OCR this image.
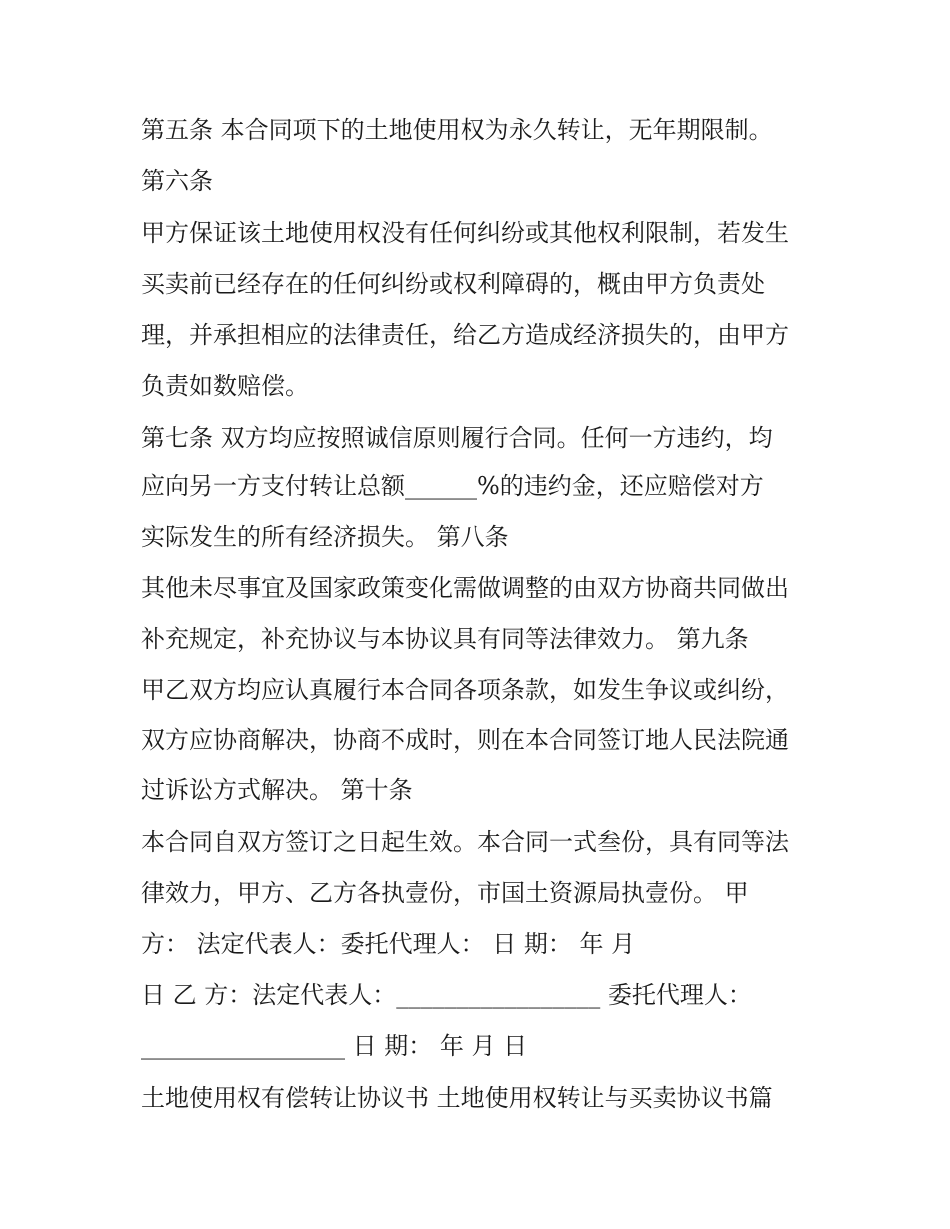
第五条 本合同项下的土地使用权为永久转让，无年期限制。
第六条
甲方保证该土地使用权没有任何纠纷或其他权利限制，若发生
买卖前已经存在的任何纠纷或权利障碍的，概由甲方负责处
理，并承担相应的法律责任，给乙方造成经济损失的，由甲方
负责如数赔偿。
第七条 双方均应按照诚信原则履行合同。任何一方违约，均
应向另一方支付转让总额______%的违约金，还应赔偿对方
实际发生的所有经济损失。 第八条
其他未尽事宜及国家政策变化需做调整的由双方协商共同做出
补充规定，补充协议与本协议具有同等法律效力。 第九条
甲乙双方均应认真履行本合同各项条款，如发生争议或纠纷，
双方应协商解决，协商不成时，则在本合同签订地人民法院通
过诉讼方式解决。 第十条
本合同自双方签订之日起生效。本合同一式叁份，具有同等法
律效力，甲方、乙方各执壹份，市国土资源局执壹份。 甲
方： 法定代表人：委托代理人： 日 期： 年 月
日 乙 方：法定代表人：_________________ 委托代理人：
_________________ 日 期： 年 月 日
土地使用权有偿转让协议书 土地使用权转让与买卖协议书篇
